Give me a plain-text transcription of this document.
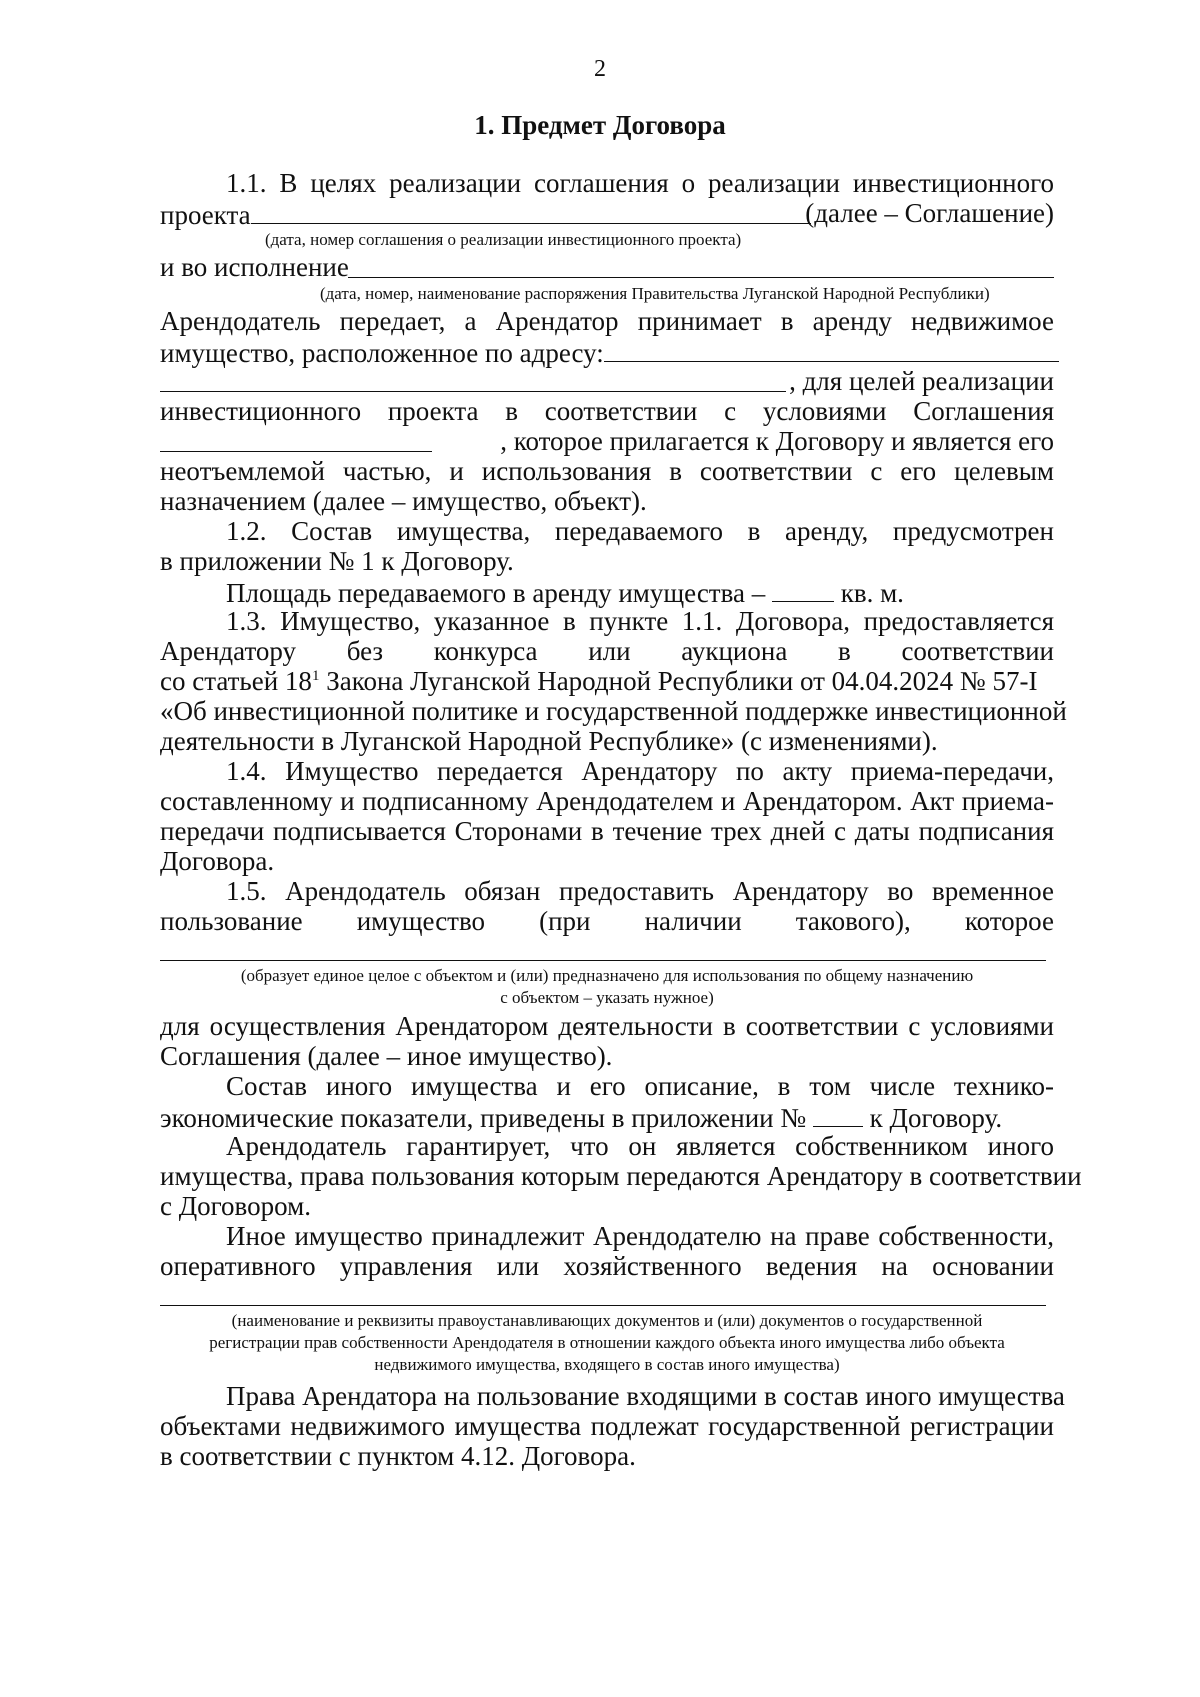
2
1. Предмет Договора
1.1. В целях реализации соглашения о реализации инвестиционного
проекта	(далее – Соглашение)
(дата, номер соглашения о реализации инвестиционного проекта)
и во исполнение
(дата, номер, наименование распоряжения Правительства Луганской Народной Республики)
Арендодатель передает, а Арендатор принимает в аренду недвижимое
имущество, расположенное по адресу:
, для целей реализации
инвестиционного проекта в соответствии с условиями Соглашения
, которое прилагается к Договору и является его
неотъемлемой частью, и использования в соответствии с его целевым
назначением (далее – имущество, объект).
1.2. Состав имущества, передаваемого в аренду, предусмотрен
в приложении № 1 к Договору.
Площадь передаваемого в аренду имущества –	кв. м.
1.3. Имущество, указанное в пункте 1.1. Договора, предоставляется
Арендатору без конкурса или аукциона в соответствии
со статьей $18^1$ Закона Луганской Народной Республики от 04.04.2024 № 57-I
«Об инвестиционной политике и государственной поддержке инвестиционной
деятельности в Луганской Народной Республике» (с изменениями).
1.4. Имущество передается Арендатору по акту приема-передачи,
составленному и подписанному Арендодателем и Арендатором. Акт приема-
передачи подписывается Сторонами в течение трех дней с даты подписания
Договора.
1.5. Арендодатель обязан предоставить Арендатору во временное
пользование имущество (при наличии такового), которое
(образует единое целое с объектом и (или) предназначено для использования по общему назначению
с объектом – указать нужное)
для осуществления Арендатором деятельности в соответствии с условиями
Соглашения (далее – иное имущество).
Состав иного имущества и его описание, в том числе технико-
экономические показатели, приведены в приложении № к Договору.
Арендодатель гарантирует, что он является собственником иного
имущества, права пользования которым передаются Арендатору в соответствии
с Договором.
Иное имущество принадлежит Арендодателю на праве собственности,
оперативного управления или хозяйственного ведения на основании
(наименование и реквизиты правоустанавливающих документов и (или) документов о государственной
регистрации прав собственности Арендодателя в отношении каждого объекта иного имущества либо объекта
недвижимого имущества, входящего в состав иного имущества)
Права Арендатора на пользование входящими в состав иного имущества
объектами недвижимого имущества подлежат государственной регистрации
в соответствии с пунктом 4.12. Договора.
